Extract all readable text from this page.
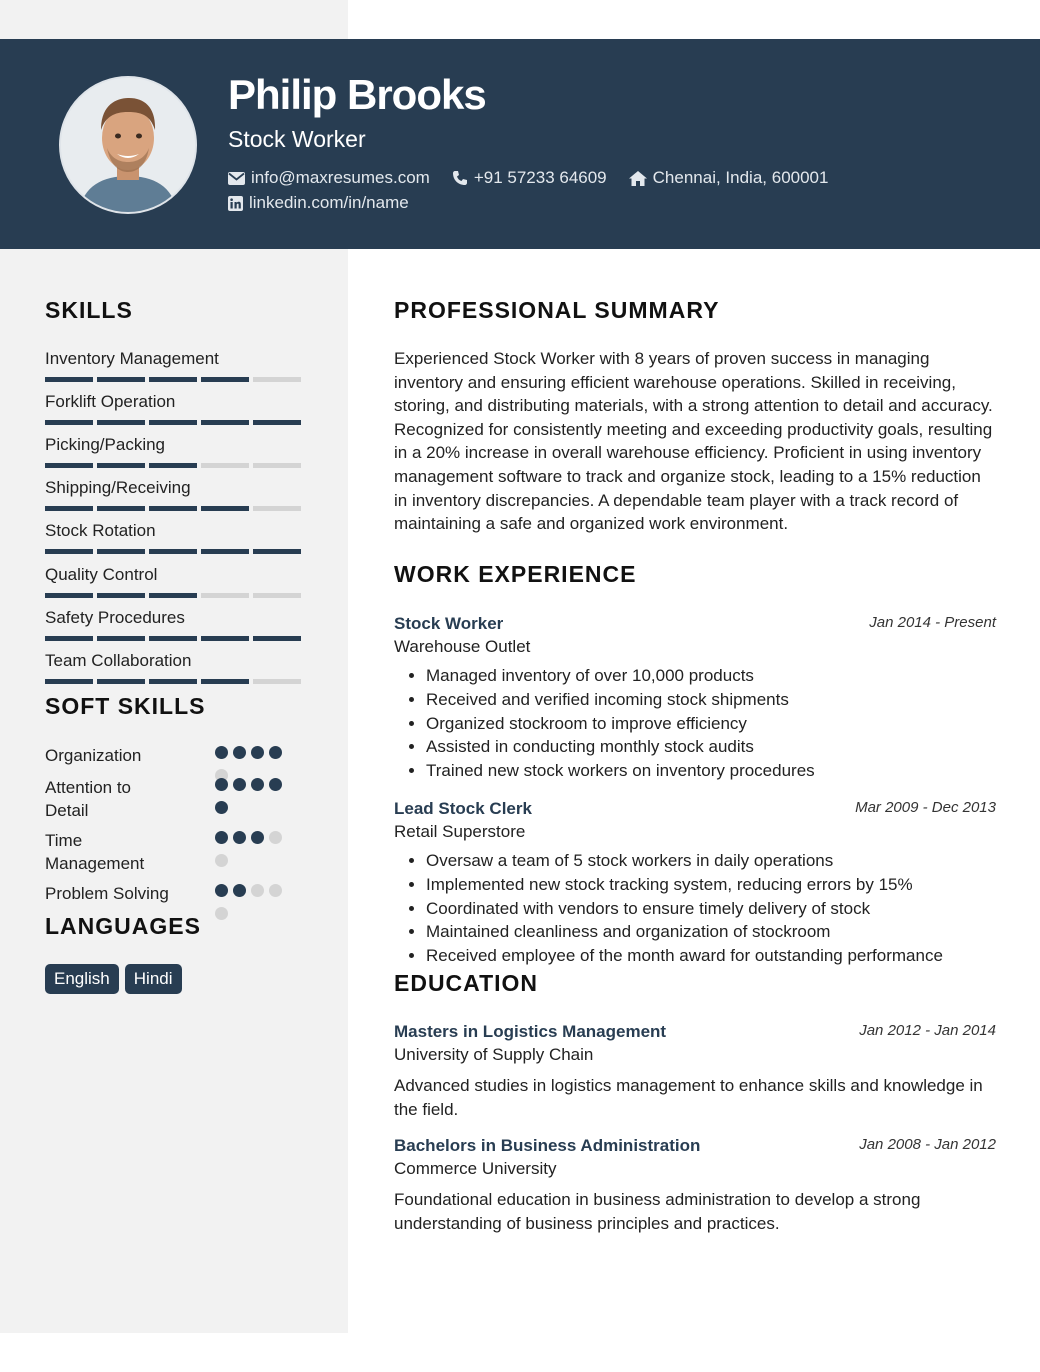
Philip Brooks
Stock Worker
info@maxresumes.com	+91 57233 64609	Chennai, India, 600001
linkedin.com/in/name
SKILLS
Inventory Management
Forklift Operation
Picking/Packing
Shipping/Receiving
Stock Rotation
Quality Control
Safety Procedures
Team Collaboration
SOFT SKILLS
Organization
Attention to Detail
Time Management
Problem Solving
LANGUAGES
English	Hindi
PROFESSIONAL SUMMARY

Experienced Stock Worker with 8 years of proven success in managing inventory and ensuring efficient warehouse operations. Skilled in receiving, storing, and distributing materials, with a strong attention to detail and accuracy. Recognized for consistently meeting and exceeding productivity goals, resulting in a 20% increase in overall warehouse efficiency. Proficient in using inventory management software to track and organize stock, leading to a 15% reduction in inventory discrepancies. A dependable team player with a track record of maintaining a safe and organized work environment.

WORK EXPERIENCE
Stock Worker	Jan 2014 - Present
Warehouse Outlet
• Managed inventory of over 10,000 products
• Received and verified incoming stock shipments
• Organized stockroom to improve efficiency
• Assisted in conducting monthly stock audits
• Trained new stock workers on inventory procedures
Lead Stock Clerk	Mar 2009 - Dec 2013
Retail Superstore
• Oversaw a team of 5 stock workers in daily operations
• Implemented new stock tracking system, reducing errors by 15%
• Coordinated with vendors to ensure timely delivery of stock
• Maintained cleanliness and organization of stockroom
• Received employee of the month award for outstanding performance
EDUCATION
Masters in Logistics Management	Jan 2012 - Jan 2014
University of Supply Chain
Advanced studies in logistics management to enhance skills and knowledge in the field.
Bachelors in Business Administration	Jan 2008 - Jan 2012
Commerce University
Foundational education in business administration to develop a strong understanding of business principles and practices.
